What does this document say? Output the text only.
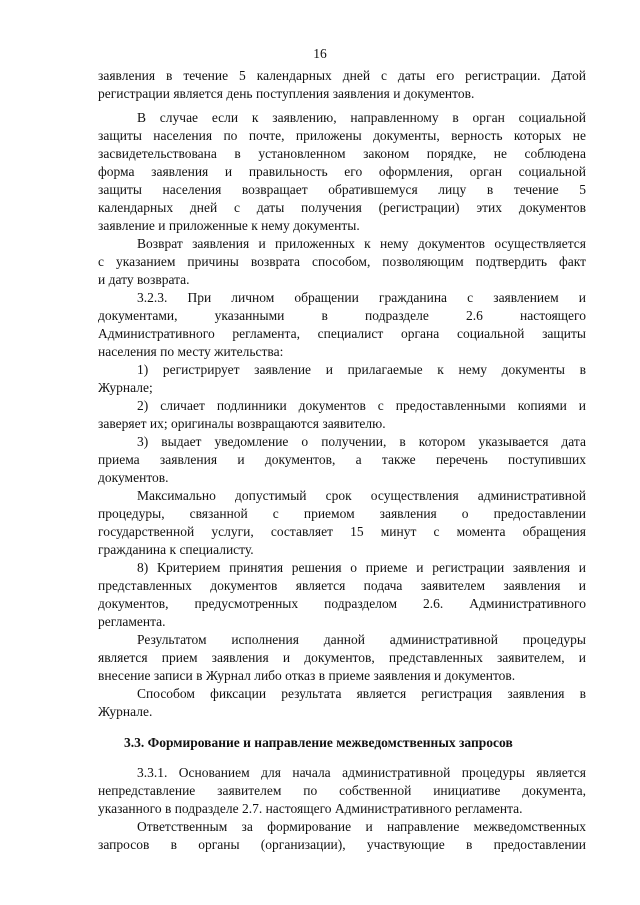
16
заявления в течение 5 календарных дней с даты его регистрации. Датой
регистрации является день поступления заявления и документов.
В случае если к заявлению, направленному в орган социальной
защиты населения по почте, приложены документы, верность которых не
засвидетельствована в установленном законом порядке, не соблюдена
форма заявления и правильность его оформления, орган социальной
защиты населения возвращает обратившемуся лицу в течение 5
календарных дней с даты получения (регистрации) этих документов
заявление и приложенные к нему документы.
Возврат заявления и приложенных к нему документов осуществляется
с указанием причины возврата способом, позволяющим подтвердить факт
и дату возврата.
3.2.3. При личном обращении гражданина с заявлением и
документами, указанными в подразделе 2.6 настоящего
Административного регламента, специалист органа социальной защиты
населения по месту жительства:
1) регистрирует заявление и прилагаемые к нему документы в
Журнале;
2) сличает подлинники документов с предоставленными копиями и
заверяет их; оригиналы возвращаются заявителю.
3) выдает уведомление о получении, в котором указывается дата
приема заявления и документов, а также перечень поступивших
документов.
Максимально допустимый срок осуществления административной
процедуры, связанной с приемом заявления о предоставлении
государственной услуги, составляет 15 минут с момента обращения
гражданина к специалисту.
8) Критерием принятия решения о приеме и регистрации заявления и
представленных документов является подача заявителем заявления и
документов, предусмотренных подразделом 2.6. Административного
регламента.
Результатом исполнения данной административной процедуры
является прием заявления и документов, представленных заявителем, и
внесение записи в Журнал либо отказ в приеме заявления и документов.
Способом фиксации результата является регистрация заявления в
Журнале.
3.3. Формирование и направление межведомственных запросов
3.3.1. Основанием для начала административной процедуры является
непредставление заявителем по собственной инициативе документа,
указанного в подразделе 2.7. настоящего Административного регламента.
Ответственным за формирование и направление межведомственных
запросов в органы (организации), участвующие в предоставлении
